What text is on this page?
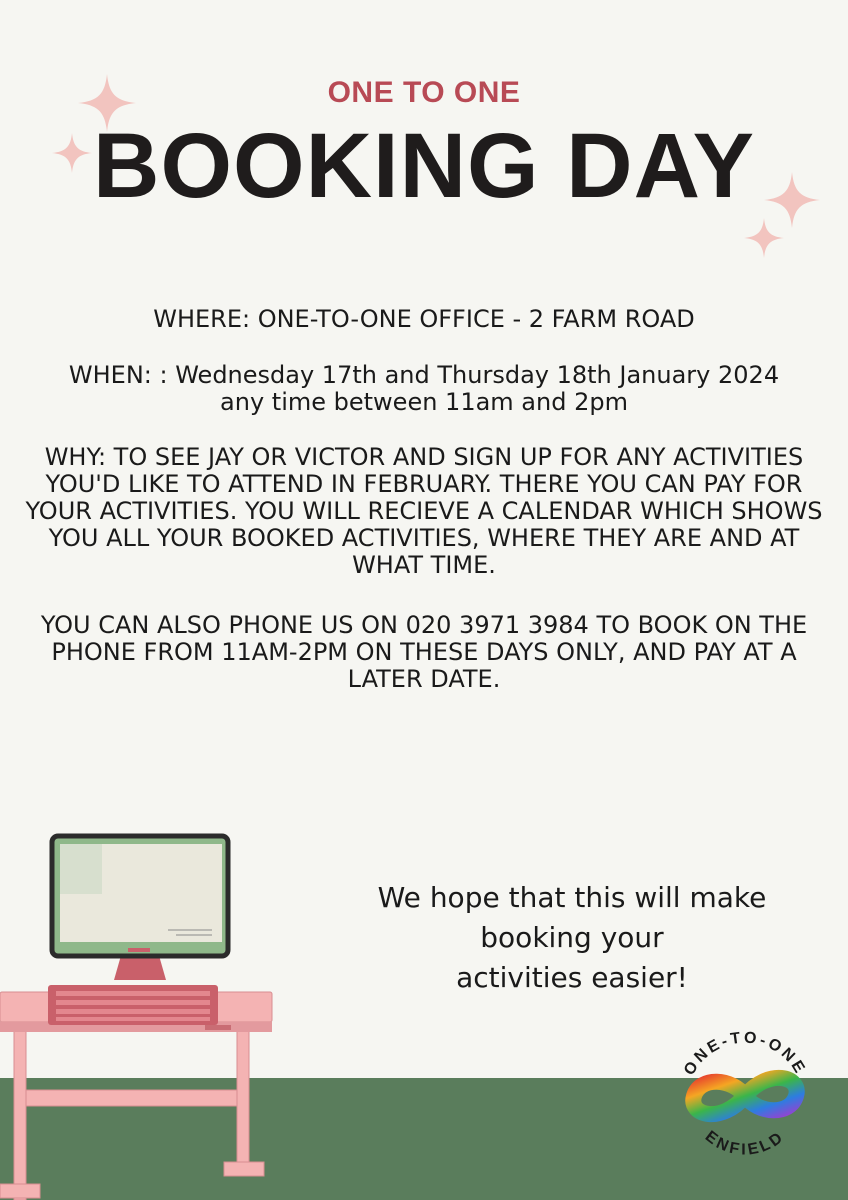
ONE TO ONE
BOOKING DAY

WHERE: ONE-TO-ONE OFFICE - 2 FARM ROAD

WHEN: : Wednesday 17th and Thursday 18th January 2024

any time between 11am and 2pm

WHY: TO SEE JAY OR VICTOR AND SIGN UP FOR ANY ACTIVITIES YOU'D LIKE TO ATTEND IN FEBRUARY. THERE YOU CAN PAY FOR YOUR ACTIVITIES. YOU WILL RECIEVE A CALENDAR WHICH SHOWS YOU ALL YOUR BOOKED ACTIVITIES, WHERE THEY ARE AND AT WHAT TIME.

YOU CAN ALSO PHONE US ON 020 3971 3984 TO BOOK ON THE PHONE FROM 11AM-2PM ON THESE DAYS ONLY, AND PAY AT A LATER DATE.

We hope that this will make
booking your
activities easier!
ONE-TO-ONE
ENFIELD
